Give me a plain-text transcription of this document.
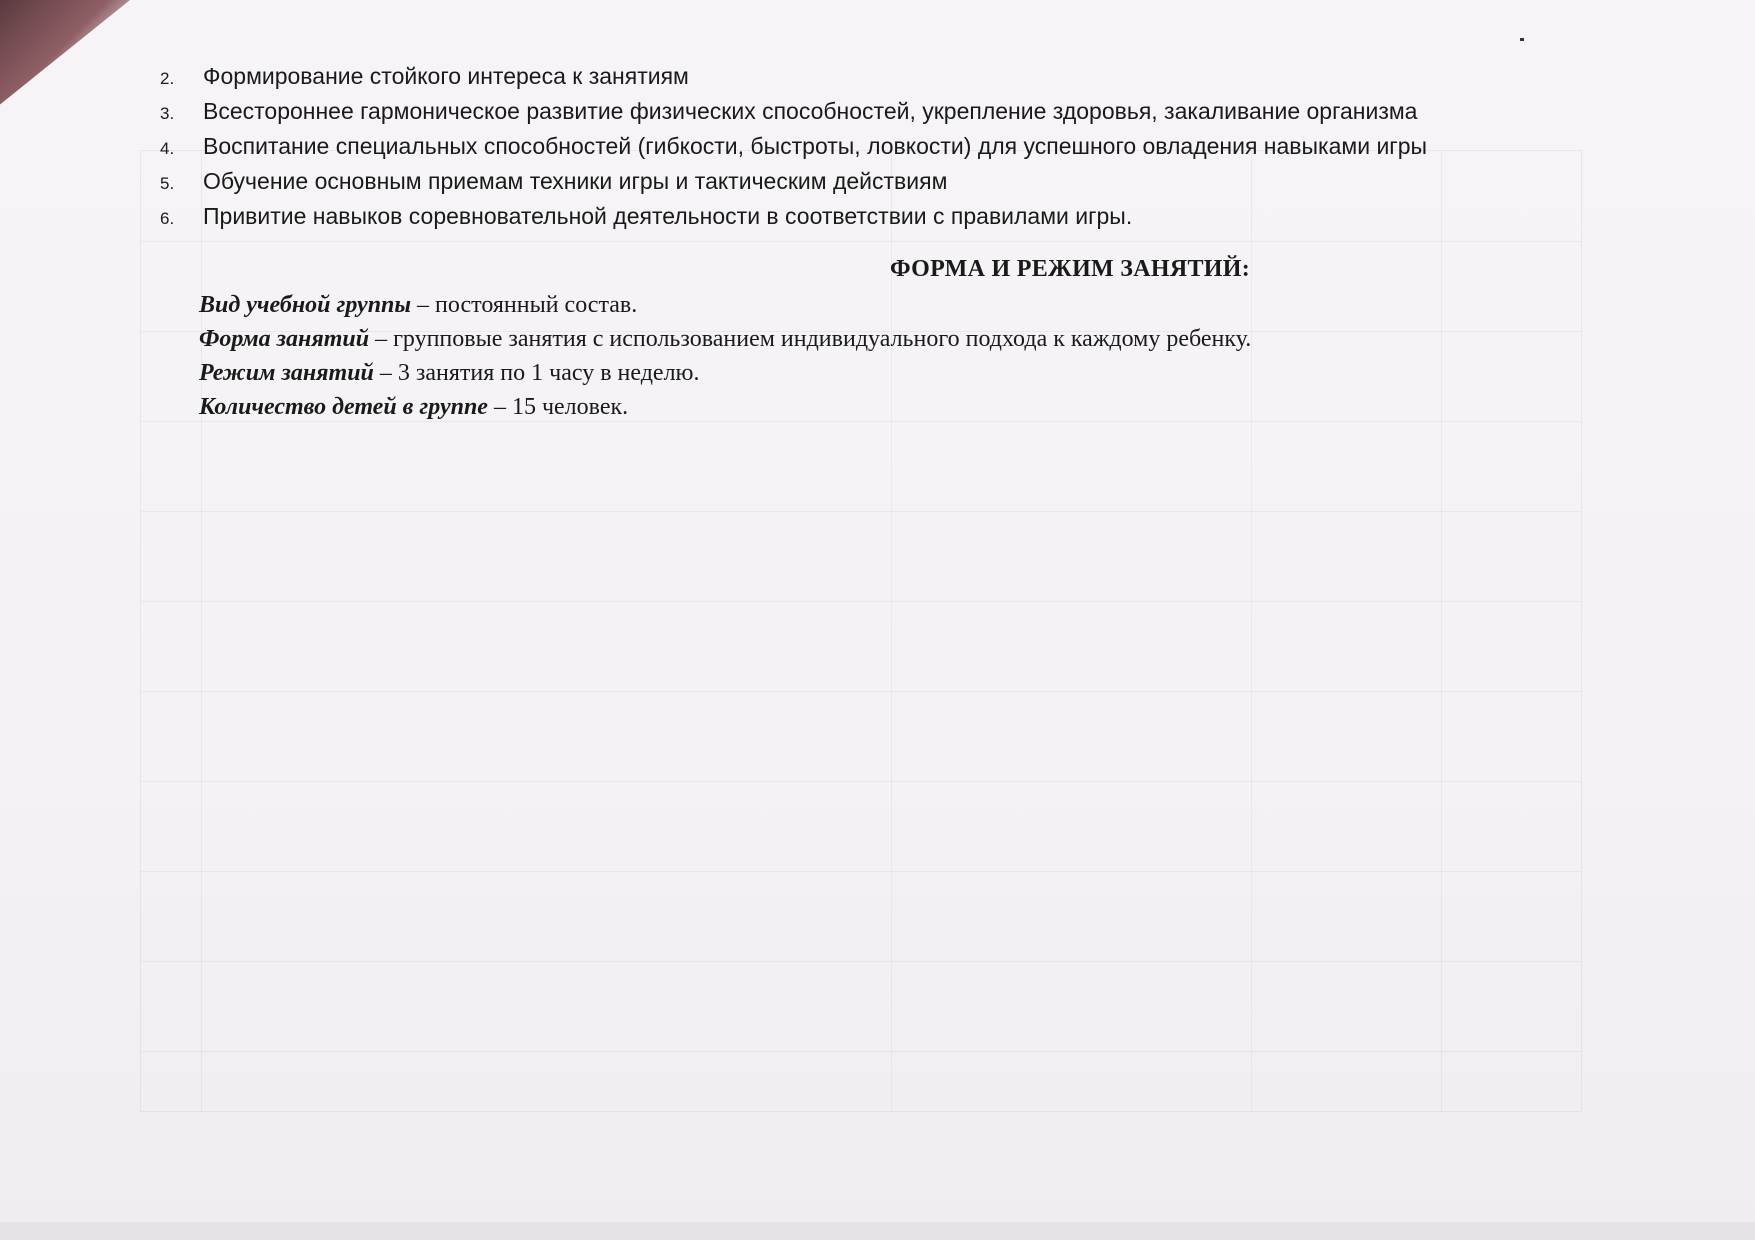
2.	Формирование стойкого интереса к занятиям
3.	Всестороннее гармоническое развитие физических способностей, укрепление здоровья, закаливание организма
4.	Воспитание специальных способностей (гибкости, быстроты, ловкости) для успешного овладения навыками игры
5.	Обучение основным приемам техники игры и тактическим действиям
6.	Привитие навыков соревновательной деятельности в соответствии с правилами игры.
ФОРМА И РЕЖИМ ЗАНЯТИЙ:
Вид учебной группы – постоянный состав.
Форма занятий – групповые занятия с использованием индивидуального подхода к каждому ребенку.
Режим занятий – 3 занятия по 1 часу в неделю.
Количество детей в группе – 15 человек.
